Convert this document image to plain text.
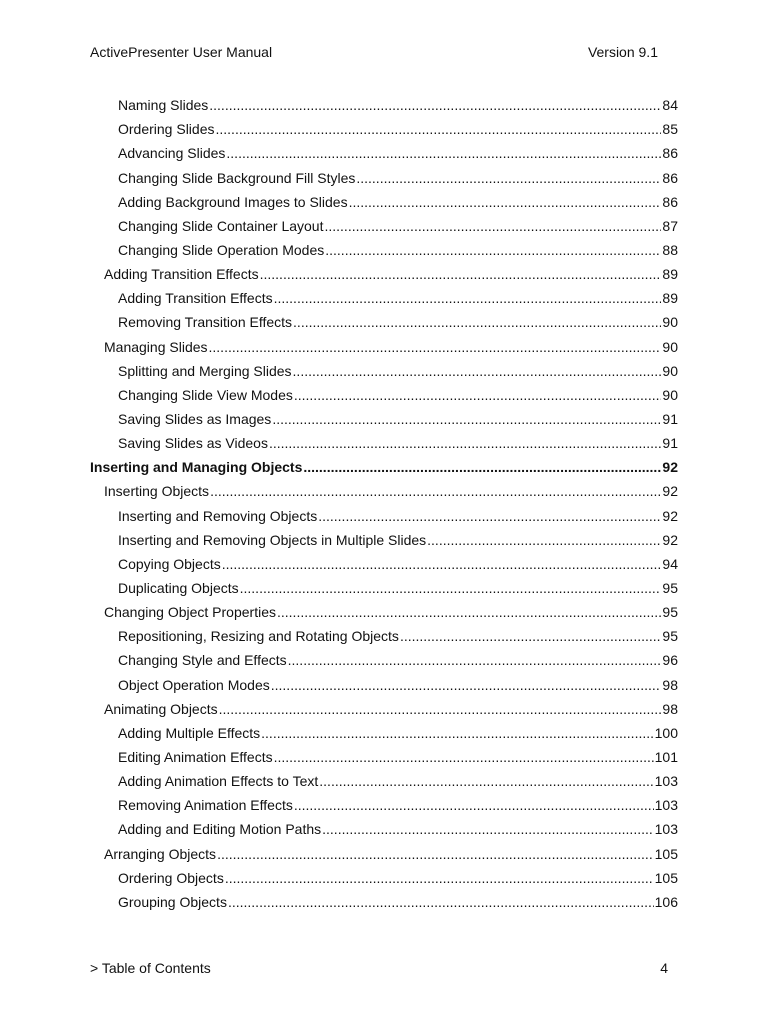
ActivePresenter User Manual	Version 9.1
Naming Slides .....	84
Ordering Slides .....	85
Advancing Slides .....	86
Changing Slide Background Fill Styles .....	86
Adding Background Images to Slides .....	86
Changing Slide Container Layout .....	87
Changing Slide Operation Modes .....	88
Adding Transition Effects .....	89
Adding Transition Effects .....	89
Removing Transition Effects .....	90
Managing Slides .....	90
Splitting and Merging Slides .....	90
Changing Slide View Modes .....	90
Saving Slides as Images .....	91
Saving Slides as Videos .....	91
Inserting and Managing Objects .....	92
Inserting Objects .....	92
Inserting and Removing Objects .....	92
Inserting and Removing Objects in Multiple Slides .....	92
Copying Objects .....	94
Duplicating Objects .....	95
Changing Object Properties .....	95
Repositioning, Resizing and Rotating Objects .....	95
Changing Style and Effects .....	96
Object Operation Modes .....	98
Animating Objects .....	98
Adding Multiple Effects .....	100
Editing Animation Effects .....	101
Adding Animation Effects to Text .....	103
Removing Animation Effects .....	103
Adding and Editing Motion Paths .....	103
Arranging Objects .....	105
Ordering Objects .....	105
Grouping Objects .....	106
> Table of Contents	4
